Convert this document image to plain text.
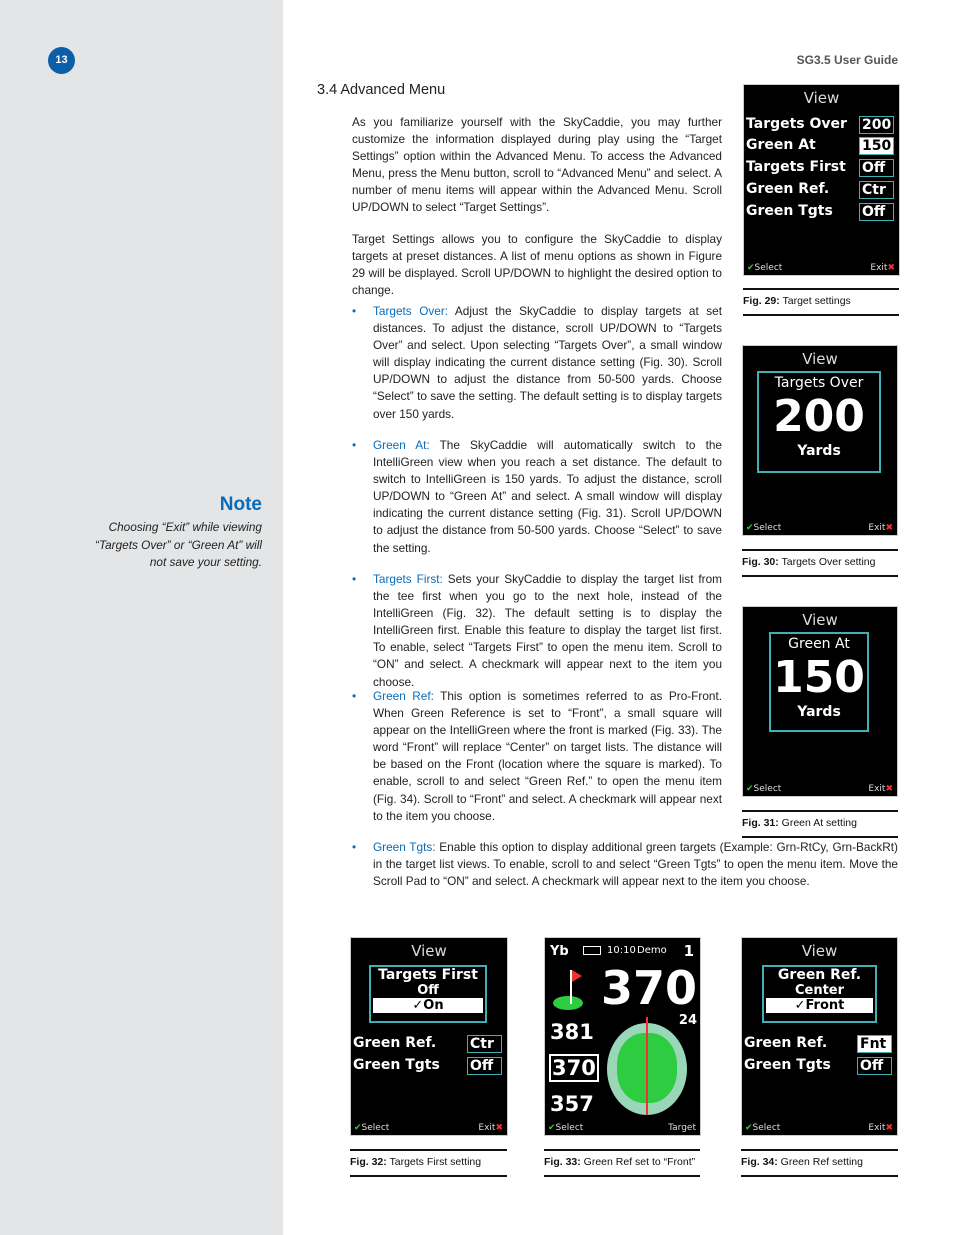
13
Note
Choosing “Exit” while viewing “Targets Over” or “Green At” will not save your setting.
SG3.5 User Guide
3.4 Advanced Menu
As you familiarize yourself with the SkyCaddie, you may further customize the information displayed during play using the “Target Settings” option within the Advanced Menu. To access the Advanced Menu, press the Menu button, scroll to “Advanced Menu” and select. A number of menu items will appear within the Advanced Menu. Scroll UP/DOWN to select “Target Settings”.
Target Settings allows you to configure the SkyCaddie to display targets at preset distances. A list of menu options as shown in Figure 29 will be displayed. Scroll UP/DOWN to highlight the desired option to change.
• Targets Over: Adjust the SkyCaddie to display targets at set distances. To adjust the distance, scroll UP/DOWN to “Targets Over” and select. Upon selecting “Targets Over”, a small window will display indicating the current distance setting (Fig. 30). Scroll UP/DOWN to adjust the distance from 50-500 yards. Choose “Select” to save the setting. The default setting is to display targets over 150 yards.
• Green At: The SkyCaddie will automatically switch to the IntelliGreen view when you reach a set distance. The default to switch to IntelliGreen is 150 yards. To adjust the distance, scroll UP/DOWN to “Green At” and select. A small window will display indicating the current distance setting (Fig. 31). Scroll UP/DOWN to adjust the distance from 50-500 yards. Choose “Select” to save the setting.
• Targets First: Sets your SkyCaddie to display the target list from the tee first when you go to the next hole, instead of the IntelliGreen (Fig. 32). The default setting is to display the IntelliGreen first. Enable this feature to display the target list first. To enable, select “Targets First” to open the menu item. Scroll to “ON” and select. A checkmark will appear next to the item you choose.
• Green Ref: This option is sometimes referred to as Pro-Front. When Green Reference is set to “Front”, a small square will appear on the IntelliGreen where the front is marked (Fig. 33). The word “Front” will replace “Center” on target lists. The distance will be based on the Front (location where the square is marked). To enable, scroll to and select “Green Ref.” to open the menu item (Fig. 34). Scroll to “Front” and select. A checkmark will appear next to the item you choose.
• Green Tgts: Enable this option to display additional green targets (Example: Grn-RtCy, Grn-BackRt) in the target list views. To enable, scroll to and select “Green Tgts” to open the menu item. Move the Scroll Pad to “ON” and select. A checkmark will appear next to the item you choose.
View
Targets Over 200
Green At	150
Targets First Off
Green Ref. Ctr
Green Tgts Off
✔Select	Exit✖
Fig. 29: Target settings
View
Targets Over
200
Yards
✔Select	Exit✖
Fig. 30: Targets Over setting
View
Green At
150
Yards
✔Select	Exit✖
Fig. 31: Green At setting
View
Green Ref. Ctr
Green Tgts Off
Targets First
Off
✓On
✔Select	Exit✖
Fig. 32: Targets First setting
Yb	10:10 Demo 1
370
381
370
357
24
✔Select	Target
Fig. 33: Green Ref set to “Front”
View
Green Ref. Fnt
Green Tgts Off
Green Ref.
Center
✓Front
✔Select	Exit✖
Fig. 34: Green Ref setting
